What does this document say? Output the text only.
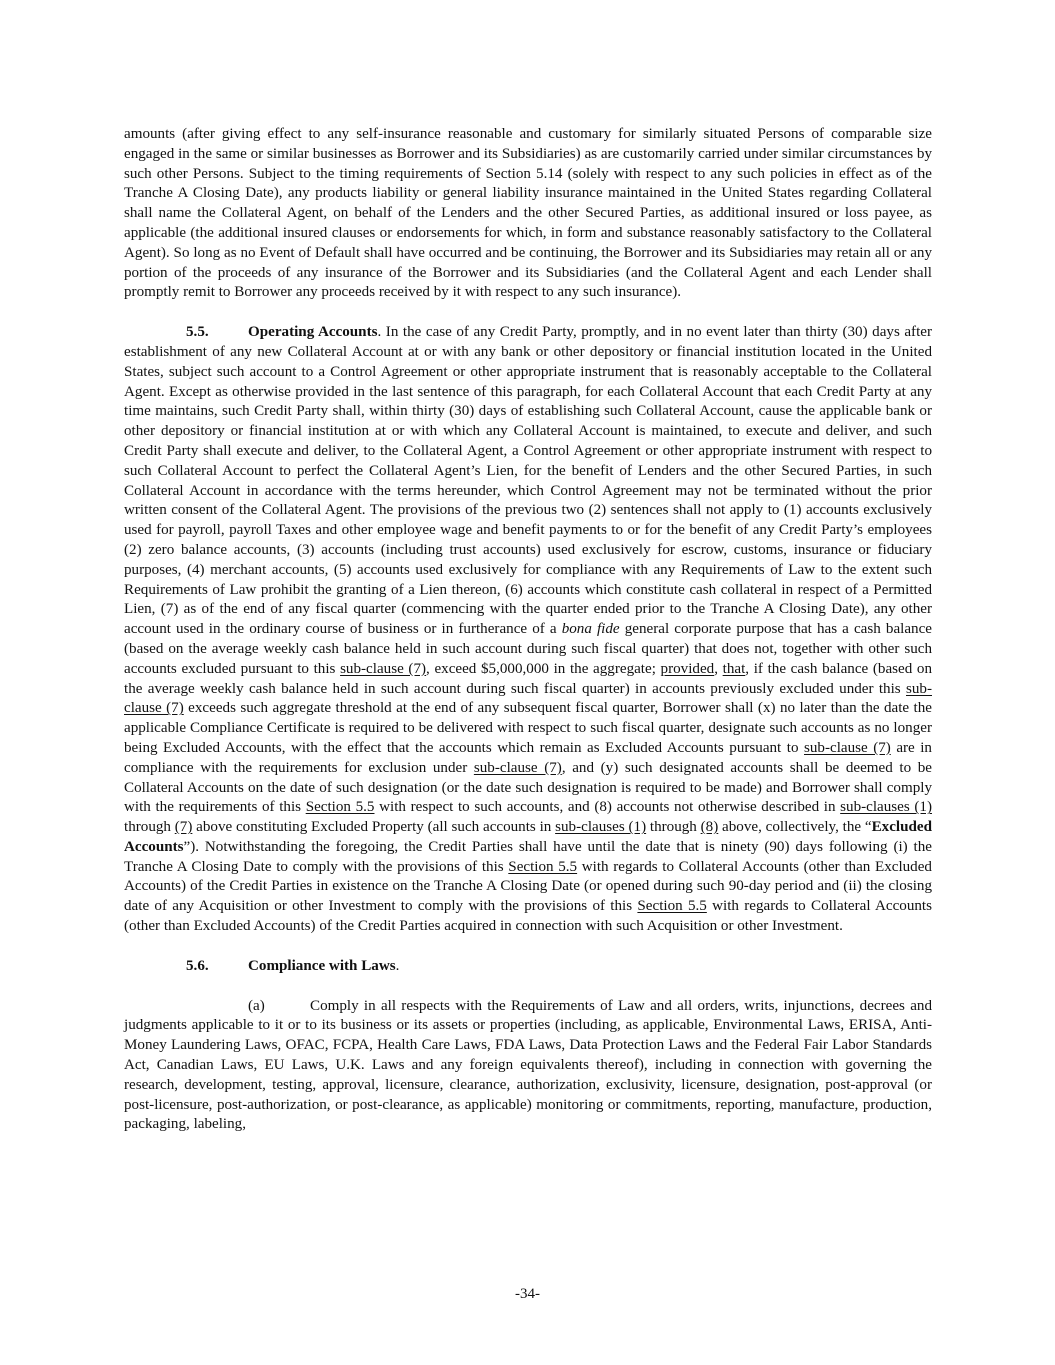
amounts (after giving effect to any self-insurance reasonable and customary for similarly situated Persons of comparable size engaged in the same or similar businesses as Borrower and its Subsidiaries) as are customarily carried under similar circumstances by such other Persons. Subject to the timing requirements of Section 5.14 (solely with respect to any such policies in effect as of the Tranche A Closing Date), any products liability or general liability insurance maintained in the United States regarding Collateral shall name the Collateral Agent, on behalf of the Lenders and the other Secured Parties, as additional insured or loss payee, as applicable (the additional insured clauses or endorsements for which, in form and substance reasonably satisfactory to the Collateral Agent). So long as no Event of Default shall have occurred and be continuing, the Borrower and its Subsidiaries may retain all or any portion of the proceeds of any insurance of the Borrower and its Subsidiaries (and the Collateral Agent and each Lender shall promptly remit to Borrower any proceeds received by it with respect to any such insurance).

5.5.	Operating Accounts. In the case of any Credit Party, promptly, and in no event later than thirty (30) days after establishment of any new Collateral Account at or with any bank or other depository or financial institution located in the United States, subject such account to a Control Agreement or other appropriate instrument that is reasonably acceptable to the Collateral Agent. Except as otherwise provided in the last sentence of this paragraph, for each Collateral Account that each Credit Party at any time maintains, such Credit Party shall, within thirty (30) days of establishing such Collateral Account, cause the applicable bank or other depository or financial institution at or with which any Collateral Account is maintained, to execute and deliver, and such Credit Party shall execute and deliver, to the Collateral Agent, a Control Agreement or other appropriate instrument with respect to such Collateral Account to perfect the Collateral Agent’s Lien, for the benefit of Lenders and the other Secured Parties, in such Collateral Account in accordance with the terms hereunder, which Control Agreement may not be terminated without the prior written consent of the Collateral Agent. The provisions of the previous two (2) sentences shall not apply to (1) accounts exclusively used for payroll, payroll Taxes and other employee wage and benefit payments to or for the benefit of any Credit Party’s employees (2) zero balance accounts, (3) accounts (including trust accounts) used exclusively for escrow, customs, insurance or fiduciary purposes, (4) merchant accounts, (5) accounts used exclusively for compliance with any Requirements of Law to the extent such Requirements of Law prohibit the granting of a Lien thereon, (6) accounts which constitute cash collateral in respect of a Permitted Lien, (7) as of the end of any fiscal quarter (commencing with the quarter ended prior to the Tranche A Closing Date), any other account used in the ordinary course of business or in furtherance of a bona fide general corporate purpose that has a cash balance (based on the average weekly cash balance held in such account during such fiscal quarter) that does not, together with other such accounts excluded pursuant to this sub-clause (7), exceed $5,000,000 in the aggregate; provided, that, if the cash balance (based on the average weekly cash balance held in such account during such fiscal quarter) in accounts previously excluded under this sub-clause (7) exceeds such aggregate threshold at the end of any subsequent fiscal quarter, Borrower shall (x) no later than the date the applicable Compliance Certificate is required to be delivered with respect to such fiscal quarter, designate such accounts as no longer being Excluded Accounts, with the effect that the accounts which remain as Excluded Accounts pursuant to sub-clause (7) are in compliance with the requirements for exclusion under sub-clause (7), and (y) such designated accounts shall be deemed to be Collateral Accounts on the date of such designation (or the date such designation is required to be made) and Borrower shall comply with the requirements of this Section 5.5 with respect to such accounts, and (8) accounts not otherwise described in sub-clauses (1) through (7) above constituting Excluded Property (all such accounts in sub-clauses (1) through (8) above, collectively, the “Excluded Accounts”). Notwithstanding the foregoing, the Credit Parties shall have until the date that is ninety (90) days following (i) the Tranche A Closing Date to comply with the provisions of this Section 5.5 with regards to Collateral Accounts (other than Excluded Accounts) of the Credit Parties in existence on the Tranche A Closing Date (or opened during such 90-day period and (ii) the closing date of any Acquisition or other Investment to comply with the provisions of this Section 5.5 with regards to Collateral Accounts (other than Excluded Accounts) of the Credit Parties acquired in connection with such Acquisition or other Investment.

5.6.	Compliance with Laws.

(a)	Comply in all respects with the Requirements of Law and all orders, writs, injunctions, decrees and judgments applicable to it or to its business or its assets or properties (including, as applicable, Environmental Laws, ERISA, Anti-Money Laundering Laws, OFAC, FCPA, Health Care Laws, FDA Laws, Data Protection Laws and the Federal Fair Labor Standards Act, Canadian Laws, EU Laws, U.K. Laws and any foreign equivalents thereof), including in connection with governing the research, development, testing, approval, licensure, clearance, authorization, exclusivity, licensure, designation, post-approval (or post-licensure, post-authorization, or post-clearance, as applicable) monitoring or commitments, reporting, manufacture, production, packaging, labeling,

-34-
